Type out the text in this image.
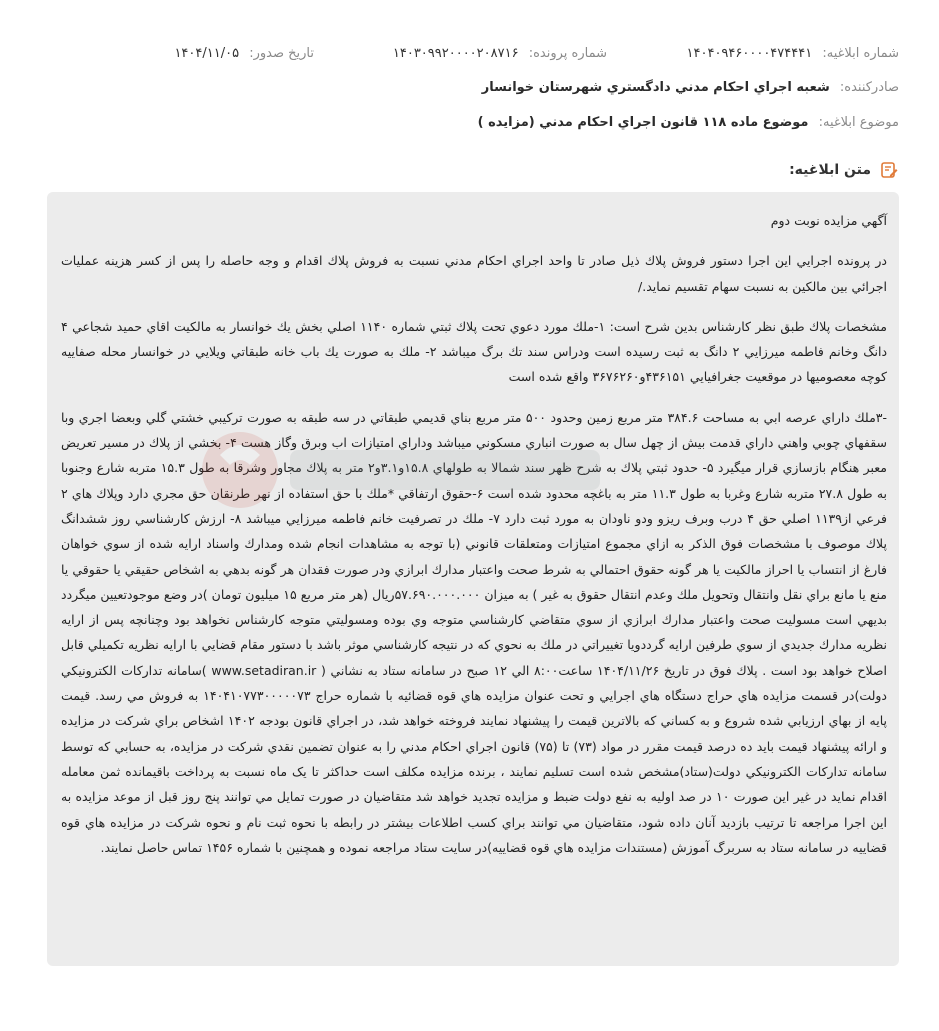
شماره ابلاغيه: ۱۴۰۴۰۹۴۶۰۰۰۰۴۷۴۴۴۱
شماره پرونده: ۱۴۰۳۰۹۹۲۰۰۰۰۲۰۸۷۱۶
تاريخ صدور: ۱۴۰۴/۱۱/۰۵
صادرکننده: شعبه اجراي احكام مدني دادگستري شهرستان خوانسار
موضوع ابلاغيه: موضوع ماده ۱۱۸ قانون اجراي احكام مدني (مزايده )
متن ابلاغيه:

آگهي مزايده نوبت دوم

در پرونده اجرايي اين اجرا دستور فروش پلاك ذيل صادر تا واحد اجراي احكام مدني نسبت به فروش پلاك اقدام و وجه حاصله را پس از كسر هزينه عمليات اجرائي بين مالكين به نسبت سهام تقسيم نمايد./

مشخصات پلاك طبق نظر كارشناس بدين شرح است: ۱-ملك مورد دعوي تحت پلاك ثبتي شماره ۱۱۴۰ اصلي بخش يك خوانسار به مالكيت اقاي حميد شجاعي ۴ دانگ وخانم فاطمه ميرزايي ۲ دانگ به ثبت رسيده است ودراس سند تك برگ ميباشد ۲- ملك به صورت يك باب خانه طبقاتي ويلايي در خوانسار محله صفاييه كوچه معصوميها در موقعيت جغرافيايي ۴۳۶۱۵۱و۳۶۷۶۲۶۰ واقع شده است

-۳ملك داراي عرصه ابي به مساحت ۳۸۴.۶ متر مربع زمين وحدود ۵۰۰ متر مربع بناي قديمي طبقاتي در سه طبقه به صورت تركيبي خشتي گلي وبعضا اجري وبا سقفهاي چوبي واهني داراي قدمت بيش از چهل سال به صورت انباري مسكوني ميباشد وداراي امتيازات اب وبرق وگاز هست ۴- بخشي از پلاك در مسير تعريض معبر هنگام بازسازي قرار ميگيرد ۵- حدود ثبتي پلاك به شرح ظهر سند شمالا به طولهاي ۱۵.۸و۳.۱و۲ متر به پلاك مجاور وشرقا به طول ۱۵.۳ متربه شارع وجنوبا به طول ۲۷.۸ متربه شارع وغربا به طول ۱۱.۳ متر به باغچه محدود شده است ۶-حقوق ارتفاقي *ملك با حق استفاده از نهر طرنقان حق مجري دارد وپلاك هاي ۲ فرعي از۱۱۳۹ اصلي حق ۴ درب وبرف ريزو ودو ناودان به مورد ثبت دارد ۷- ملك در تصرفيت خانم فاطمه ميرزايي ميباشد ۸- ارزش كارشناسي روز ششدانگ پلاك موصوف با مشخصات فوق الذكر به ازاي مجموع امتيازات ومتعلقات قانوني (با توجه به مشاهدات انجام شده ومدارك واسناد ارايه شده از سوي خواهان فارغ از انتساب يا احراز مالكيت يا هر گونه حقوق احتمالي به شرط صحت واعتبار مدارك ابرازي ودر صورت فقدان هر گونه بدهي به اشخاص حقيقي يا حقوقي يا منع يا مانع براي نقل وانتقال وتحويل ملك وعدم انتقال حقوق به غير ) به ميزان ۵۷.۶۹۰.۰۰۰.۰۰۰ريال (هر متر مربع ۱۵ ميليون تومان )در وضع موجودتعيين ميگردد بديهي است مسوليت صحت واعتبار مدارك ابرازي از سوي متقاضي كارشناسي متوجه وي بوده ومسوليتي متوجه كارشناس نخواهد بود وچنانچه پس از ارايه نظريه مدارك جديدي از سوي طرفين ارايه گرددويا تغييراتي در ملك به نحوي كه در نتيجه كارشناسي موثر باشد با دستور مقام قضايي با ارايه نظريه تكميلي قابل اصلاح خواهد بود است . پلاك فوق در تاريخ ۱۴۰۴/۱۱/۲۶ ساعت۸:۰۰ الي ۱۲ صبح در سامانه ستاد به نشاني ( www.setadiran.ir )سامانه تداركات الكترونيكي دولت)در قسمت مزايده هاي حراج دستگاه هاي اجرايي و تحت عنوان مزايده هاي قوه قضائيه با شماره حراج ۱۴۰۴۱۰۷۷۳۰۰۰۰۰۷۳ به فروش مي رسد. قيمت پايه از بهاي ارزيابي شده شروع و به كساني كه بالاترين قيمت را پيشنهاد نمايند فروخته خواهد شد، در اجراي قانون بودجه ۱۴۰۲ اشخاص براي شركت در مزايده و ارائه پيشنهاد قيمت بايد ده درصد قيمت مقرر در مواد (۷۳) تا (۷۵) قانون اجراي احكام مدني را به عنوان تضمين نقدي شركت در مزايده، به حسابي كه توسط سامانه تداركات الكترونيكي دولت(ستاد)مشخص شده است تسليم نمايند ، برنده مزايده مكلف است حداكثر تا يک ماه نسبت به پرداخت باقيمانده ثمن معامله اقدام نمايد در غير اين صورت ۱۰ در صد اوليه به نفع دولت ضبط و مزايده تجديد خواهد شد متقاضيان در صورت تمايل مي توانند پنج روز قبل از موعد مزايده به اين اجرا مراجعه تا ترتيب بازديد آنان داده شود، متقاضيان مي توانند براي كسب اطلاعات بيشتر در رابطه با نحوه ثبت نام و نحوه شركت در مزايده هاي قوه قضاييه در سامانه ستاد به سربرگ آموزش (مستندات مزايده هاي قوه قضاييه)در سايت ستاد مراجعه نموده و همچنين با شماره ۱۴۵۶ تماس حاصل نمايند.
